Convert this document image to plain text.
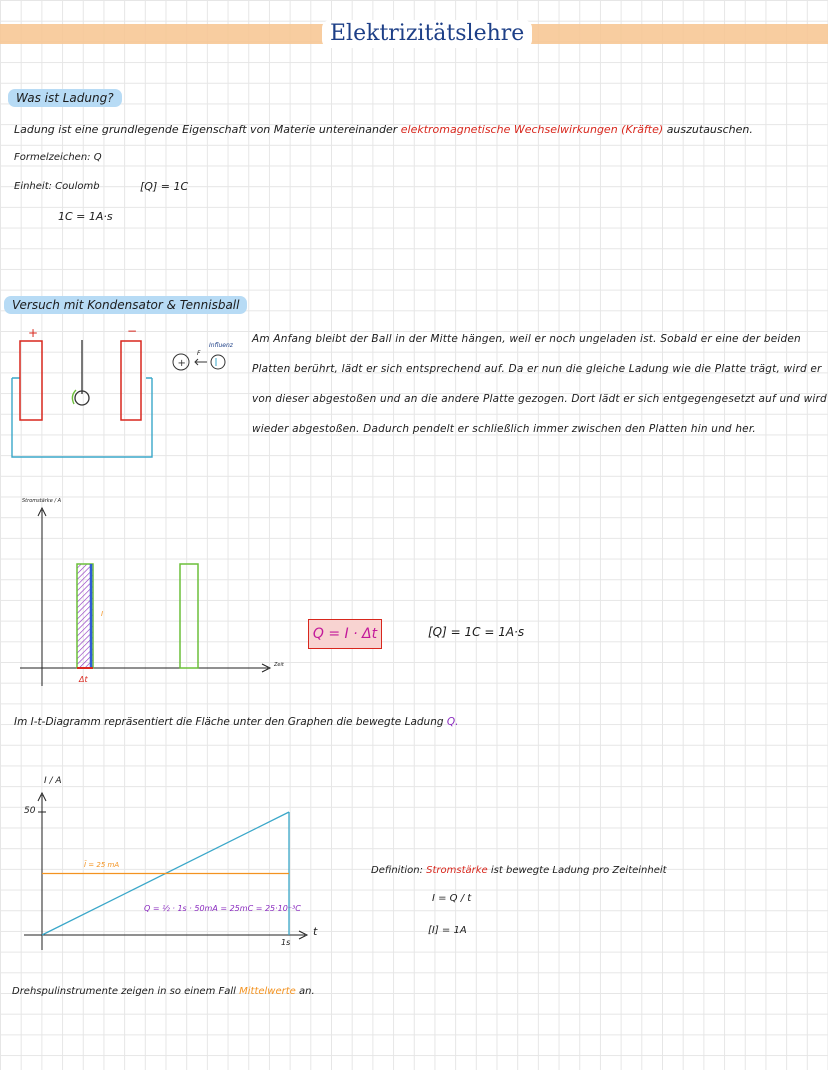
Elektrizitätslehre
Was ist Ladung?
Ladung ist eine grundlegende Eigenschaft von Materie untereinander elektromagnetische Wechselwirkungen (Kräfte) auszutauschen.
Formelzeichen: Q
Einheit: Coulomb	[Q] = 1C
1C = 1A·s
Versuch mit Kondensator & Tennisball
+
+	−
Influenz
F
Am Anfang bleibt der Ball in der Mitte hängen, weil er noch ungeladen ist. Sobald er eine der beiden Platten berührt, lädt er sich entsprechend auf. Da er nun die gleiche Ladung wie die Platte trägt, wird er von dieser abgestoßen und an die andere Platte gezogen. Dort lädt er sich entgegengesetzt auf und wird wieder abgestoßen. Dadurch pendelt er schließlich immer zwischen den Platten hin und her.
Stromstärke / A
Zeit
I
Δt
Q = I · Δt	[Q] = 1C = 1A·s
Im I-t-Diagramm repräsentiert die Fläche unter den Graphen die bewegte Ladung Q.
I / A
50
1s
t
Ī = 25 mA
Q = ½ · 1s · 50mA = 25mC = 25·10⁻³C
Definition: Stromstärke ist bewegte Ladung pro Zeiteinheit
I = Q / t
[I] = 1A
Drehspulinstrumente zeigen in so einem Fall Mittelwerte an.
